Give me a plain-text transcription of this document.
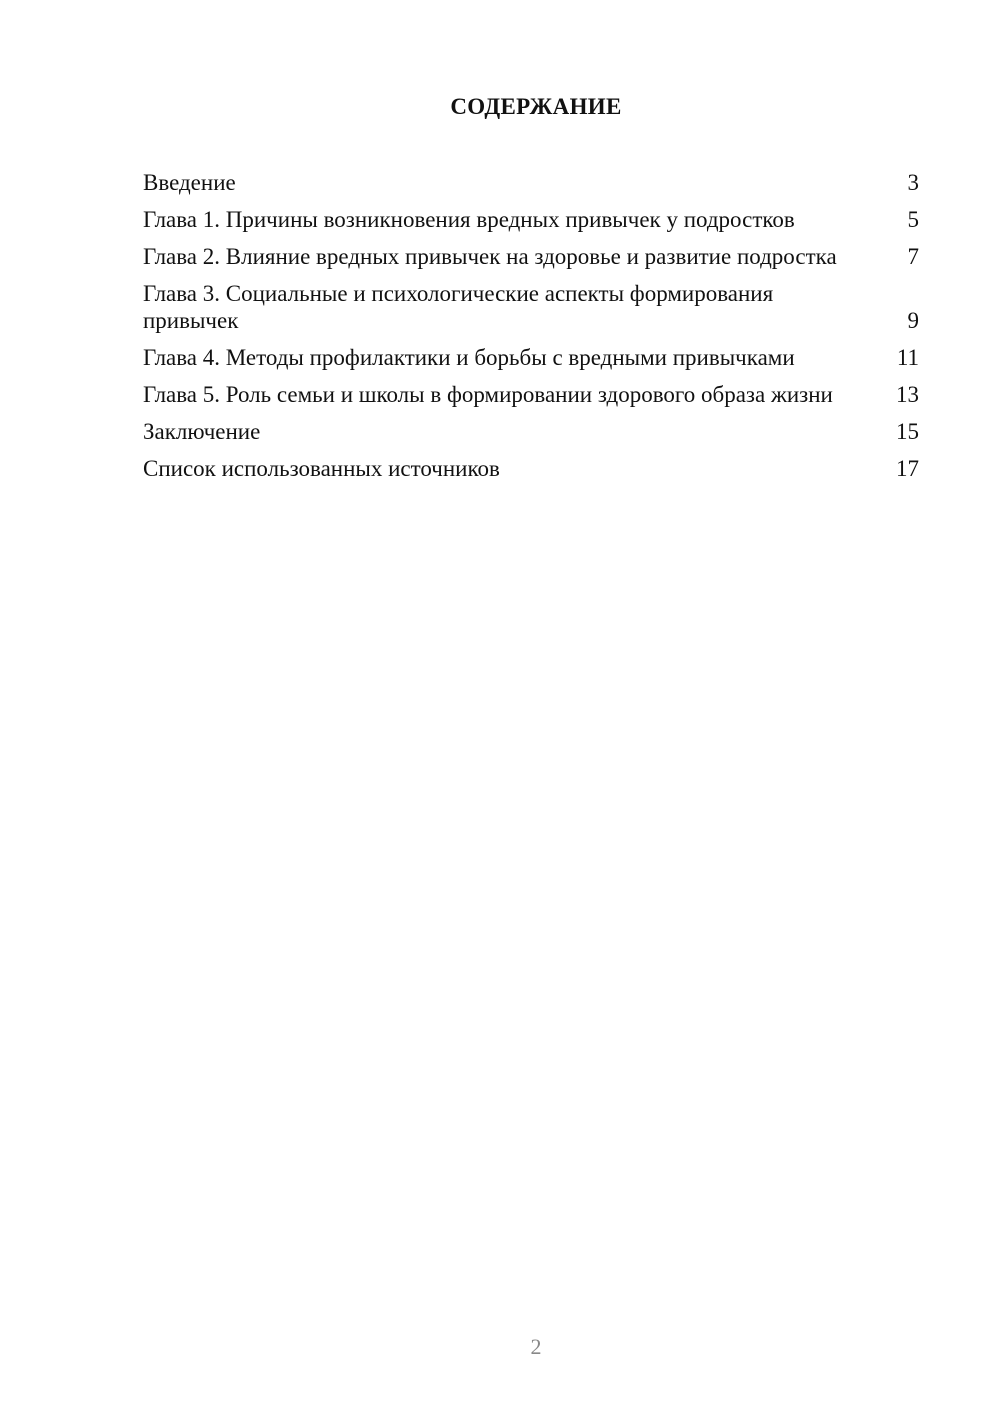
СОДЕРЖАНИЕ
Введение	3
Глава 1. Причины возникновения вредных привычек у подростков	5
Глава 2. Влияние вредных привычек на здоровье и развитие подростка	7
Глава 3. Социальные и психологические аспекты формирования привычек	9
Глава 4. Методы профилактики и борьбы с вредными привычками	11
Глава 5. Роль семьи и школы в формировании здорового образа жизни	13
Заключение	15
Список использованных источников	17
2
